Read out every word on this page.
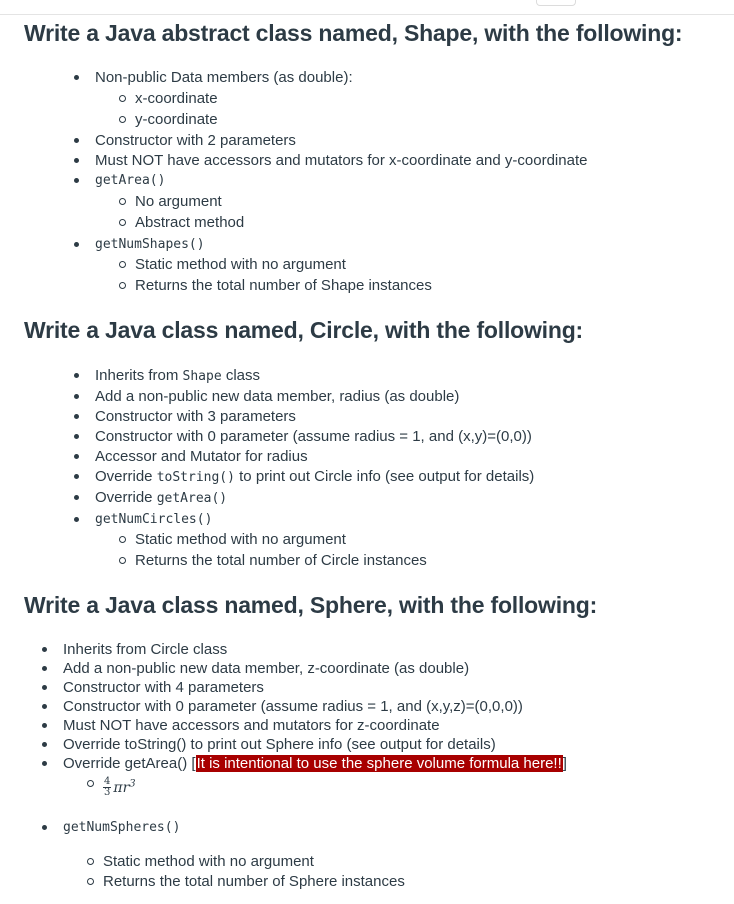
Write a Java abstract class named, Shape, with the following:
Non-public Data members (as double):
x-coordinate
y-coordinate
Constructor with 2 parameters
Must NOT have accessors and mutators for x-coordinate and y-coordinate
getArea()
No argument
Abstract method
getNumShapes()
Static method with no argument
Returns the total number of Shape instances
Write a Java class named, Circle, with the following:
Inherits from Shape class
Add a non-public new data member, radius (as double)
Constructor with 3 parameters
Constructor with 0 parameter (assume radius = 1, and (x,y)=(0,0))
Accessor and Mutator for radius
Override toString() to print out Circle info (see output for details)
Override getArea()
getNumCircles()
Static method with no argument
Returns the total number of Circle instances
Write a Java class named, Sphere, with the following:
Inherits from Circle class
Add a non-public new data member, z-coordinate (as double)
Constructor with 4 parameters
Constructor with 0 parameter (assume radius = 1, and (x,y,z)=(0,0,0))
Must NOT have accessors and mutators for z-coordinate
Override toString() to print out Sphere info (see output for details)
Override getArea() [It is intentional to use the sphere volume formula here!!]
$\frac{4}{3} \pi r^3$
getNumSpheres()
Static method with no argument
Returns the total number of Sphere instances
